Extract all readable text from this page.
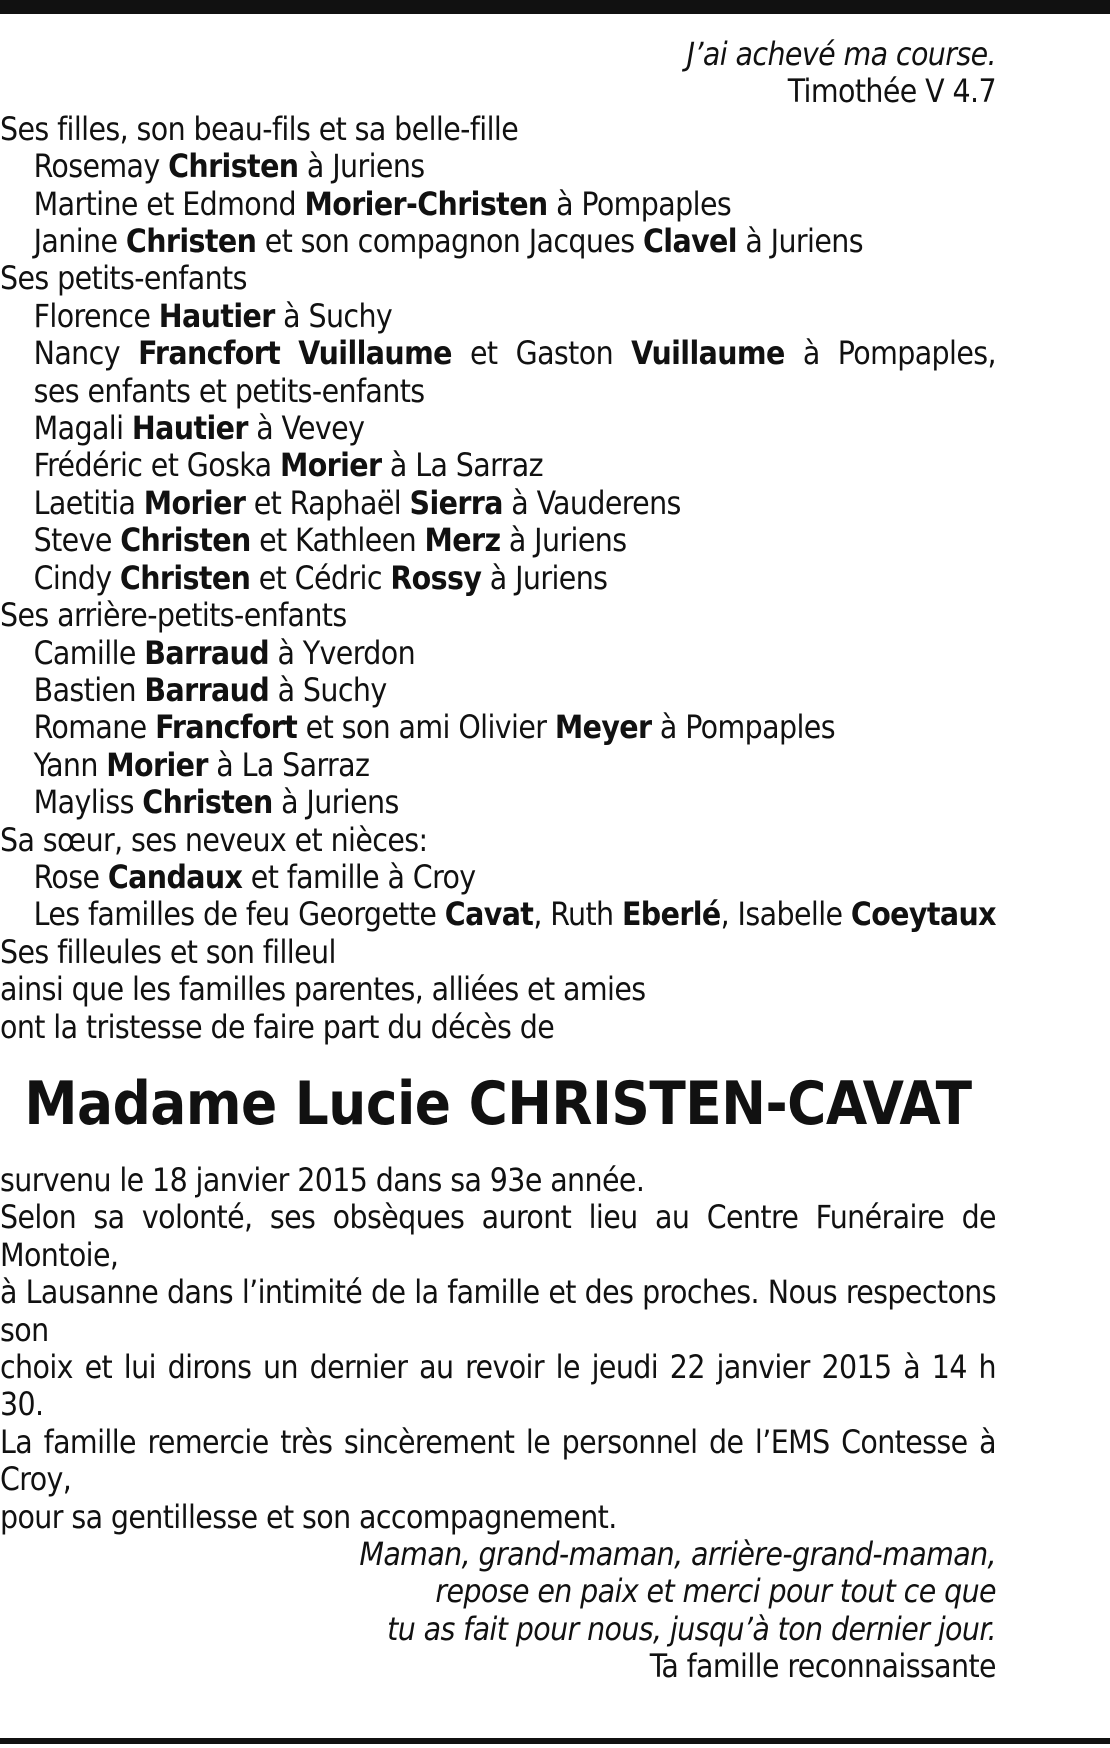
J’ai achevé ma course.
Timothée V 4.7
Ses filles, son beau-fils et sa belle-fille
Rosemay Christen à Juriens
Martine et Edmond Morier-Christen à Pompaples
Janine Christen et son compagnon Jacques Clavel à Juriens
Ses petits-enfants
Florence Hautier à Suchy
Nancy Francfort Vuillaume et Gaston Vuillaume à Pompaples,
ses enfants et petits-enfants
Magali Hautier à Vevey
Frédéric et Goska Morier à La Sarraz
Laetitia Morier et Raphaël Sierra à Vauderens
Steve Christen et Kathleen Merz à Juriens
Cindy Christen et Cédric Rossy à Juriens
Ses arrière-petits-enfants
Camille Barraud à Yverdon
Bastien Barraud à Suchy
Romane Francfort et son ami Olivier Meyer à Pompaples
Yann Morier à La Sarraz
Mayliss Christen à Juriens
Sa sœur, ses neveux et nièces:
Rose Candaux et famille à Croy
Les familles de feu Georgette Cavat, Ruth Eberlé, Isabelle Coeytaux
Ses filleules et son filleul
ainsi que les familles parentes, alliées et amies
ont la tristesse de faire part du décès de
Madame Lucie CHRISTEN-CAVAT
survenu le 18 janvier 2015 dans sa 93e année.
Selon sa volonté, ses obsèques auront lieu au Centre Funéraire de Montoie,
à Lausanne dans l’intimité de la famille et des proches. Nous respectons son
choix et lui dirons un dernier au revoir le jeudi 22 janvier 2015 à 14 h 30.
La famille remercie très sincèrement le personnel de l’EMS Contesse à Croy,
pour sa gentillesse et son accompagnement.
Maman, grand-maman, arrière-grand-maman,
repose en paix et merci pour tout ce que
tu as fait pour nous, jusqu’à ton dernier jour.
Ta famille reconnaissante
